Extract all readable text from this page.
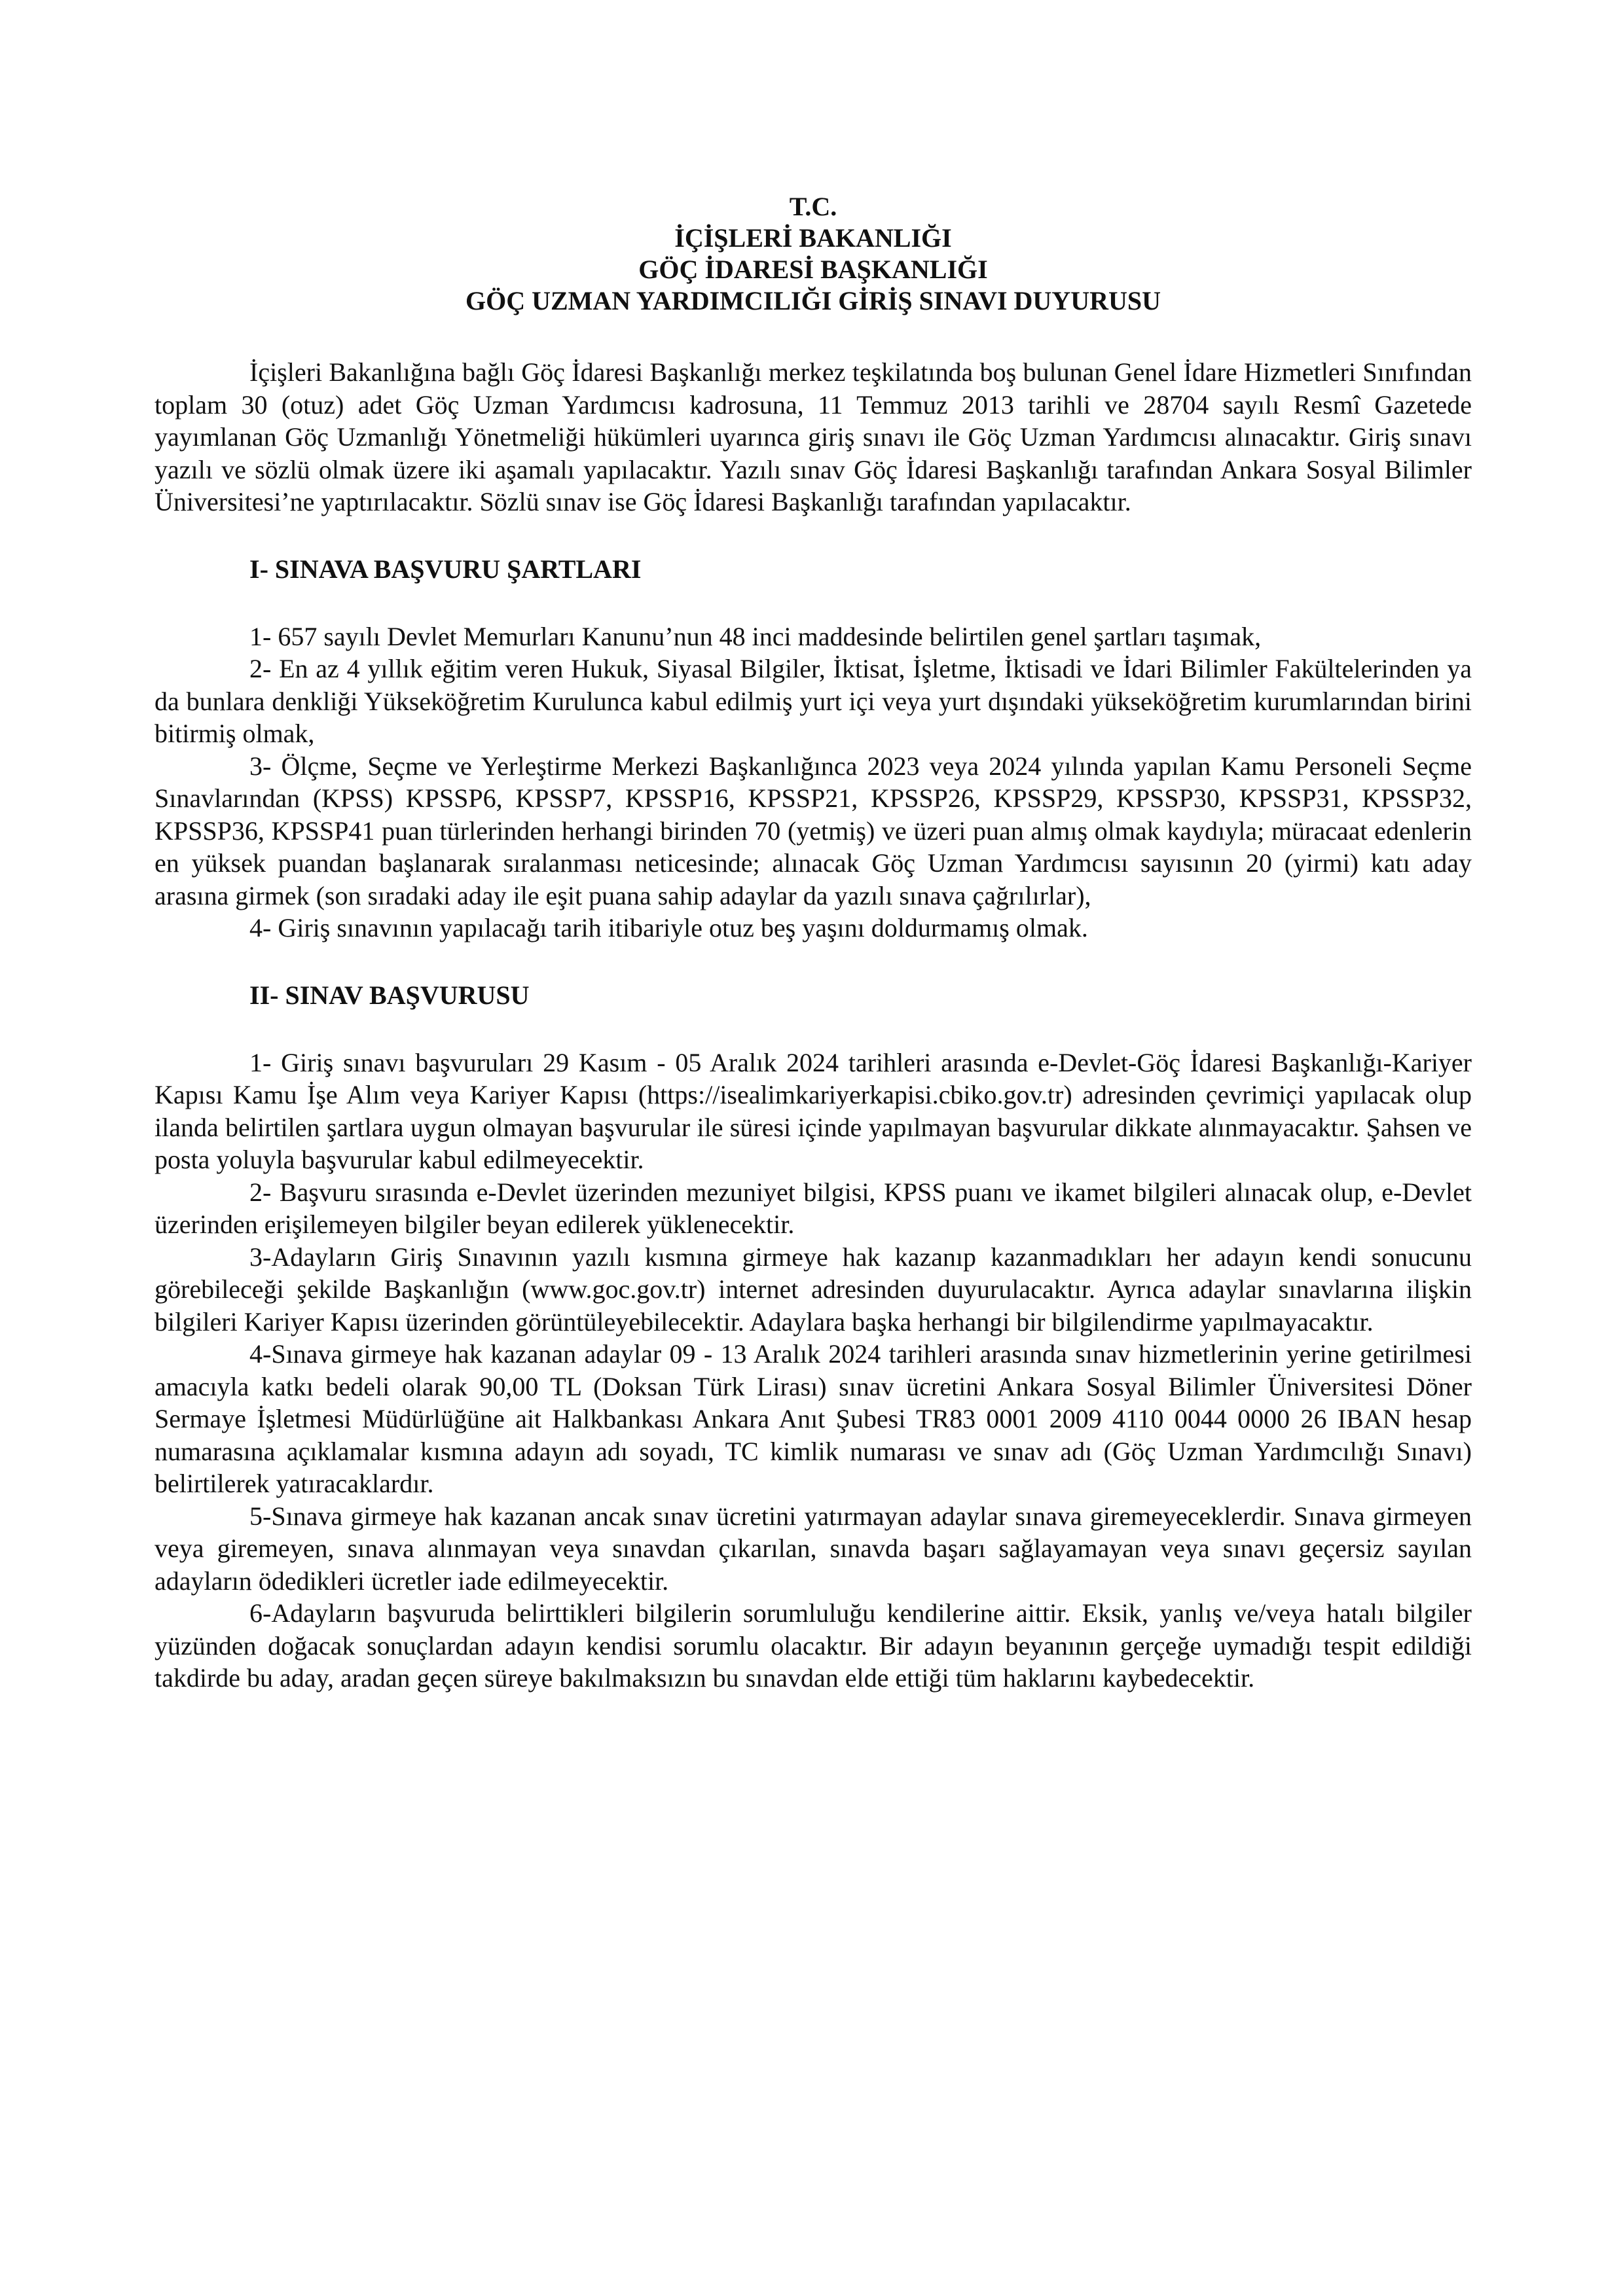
T.C.
İÇİŞLERİ BAKANLIĞI
GÖÇ İDARESİ BAŞKANLIĞI
GÖÇ UZMAN YARDIMCILIĞI GİRİŞ SINAVI DUYURUSU

İçişleri Bakanlığına bağlı Göç İdaresi Başkanlığı merkez teşkilatında boş bulunan Genel İdare Hizmetleri Sınıfından toplam 30 (otuz) adet Göç Uzman Yardımcısı kadrosuna, 11 Temmuz 2013 tarihli ve 28704 sayılı Resmî Gazetede yayımlanan Göç Uzmanlığı Yönetmeliği hükümleri uyarınca giriş sınavı ile Göç Uzman Yardımcısı alınacaktır. Giriş sınavı yazılı ve sözlü olmak üzere iki aşamalı yapılacaktır. Yazılı sınav Göç İdaresi Başkanlığı tarafından Ankara Sosyal Bilimler Üniversitesi’ne yaptırılacaktır. Sözlü sınav ise Göç İdaresi Başkanlığı tarafından yapılacaktır.

I- SINAVA BAŞVURU ŞARTLARI

1- 657 sayılı Devlet Memurları Kanunu’nun 48 inci maddesinde belirtilen genel şartları taşımak,

2- En az 4 yıllık eğitim veren Hukuk, Siyasal Bilgiler, İktisat, İşletme, İktisadi ve İdari Bilimler Fakültelerinden ya da bunlara denkliği Yükseköğretim Kurulunca kabul edilmiş yurt içi veya yurt dışındaki yükseköğretim kurumlarından birini bitirmiş olmak,

3- Ölçme, Seçme ve Yerleştirme Merkezi Başkanlığınca 2023 veya 2024 yılında yapılan Kamu Personeli Seçme Sınavlarından (KPSS) KPSSP6, KPSSP7, KPSSP16, KPSSP21, KPSSP26, KPSSP29, KPSSP30, KPSSP31, KPSSP32, KPSSP36, KPSSP41 puan türlerinden herhangi birinden 70 (yetmiş) ve üzeri puan almış olmak kaydıyla; müracaat edenlerin en yüksek puandan başlanarak sıralanması neticesinde; alınacak Göç Uzman Yardımcısı sayısının 20 (yirmi) katı aday arasına girmek (son sıradaki aday ile eşit puana sahip adaylar da yazılı sınava çağrılırlar),

4- Giriş sınavının yapılacağı tarih itibariyle otuz beş yaşını doldurmamış olmak.

II- SINAV BAŞVURUSU

1- Giriş sınavı başvuruları 29 Kasım - 05 Aralık 2024 tarihleri arasında e-Devlet-Göç İdaresi Başkanlığı-Kariyer Kapısı Kamu İşe Alım veya Kariyer Kapısı (https://isealimkariyerkapisi.cbiko.gov.tr) adresinden çevrimiçi yapılacak olup ilanda belirtilen şartlara uygun olmayan başvurular ile süresi içinde yapılmayan başvurular dikkate alınmayacaktır. Şahsen ve posta yoluyla başvurular kabul edilmeyecektir.

2- Başvuru sırasında e-Devlet üzerinden mezuniyet bilgisi, KPSS puanı ve ikamet bilgileri alınacak olup, e-Devlet üzerinden erişilemeyen bilgiler beyan edilerek yüklenecektir.

3-Adayların Giriş Sınavının yazılı kısmına girmeye hak kazanıp kazanmadıkları her adayın kendi sonucunu görebileceği şekilde Başkanlığın (www.goc.gov.tr) internet adresinden duyurulacaktır. Ayrıca adaylar sınavlarına ilişkin bilgileri Kariyer Kapısı üzerinden görüntüleyebilecektir. Adaylara başka herhangi bir bilgilendirme yapılmayacaktır.

4-Sınava girmeye hak kazanan adaylar 09 - 13 Aralık 2024 tarihleri arasında sınav hizmetlerinin yerine getirilmesi amacıyla katkı bedeli olarak 90,00 TL (Doksan Türk Lirası) sınav ücretini Ankara Sosyal Bilimler Üniversitesi Döner Sermaye İşletmesi Müdürlüğüne ait Halkbankası Ankara Anıt Şubesi TR83 0001 2009 4110 0044 0000 26 IBAN hesap numarasına açıklamalar kısmına adayın adı soyadı, TC kimlik numarası ve sınav adı (Göç Uzman Yardımcılığı Sınavı) belirtilerek yatıracaklardır.

5-Sınava girmeye hak kazanan ancak sınav ücretini yatırmayan adaylar sınava giremeyeceklerdir. Sınava girmeyen veya giremeyen, sınava alınmayan veya sınavdan çıkarılan, sınavda başarı sağlayamayan veya sınavı geçersiz sayılan adayların ödedikleri ücretler iade edilmeyecektir.

6-Adayların başvuruda belirttikleri bilgilerin sorumluluğu kendilerine aittir. Eksik, yanlış ve/veya hatalı bilgiler yüzünden doğacak sonuçlardan adayın kendisi sorumlu olacaktır. Bir adayın beyanının gerçeğe uymadığı tespit edildiği takdirde bu aday, aradan geçen süreye bakılmaksızın bu sınavdan elde ettiği tüm haklarını kaybedecektir.
